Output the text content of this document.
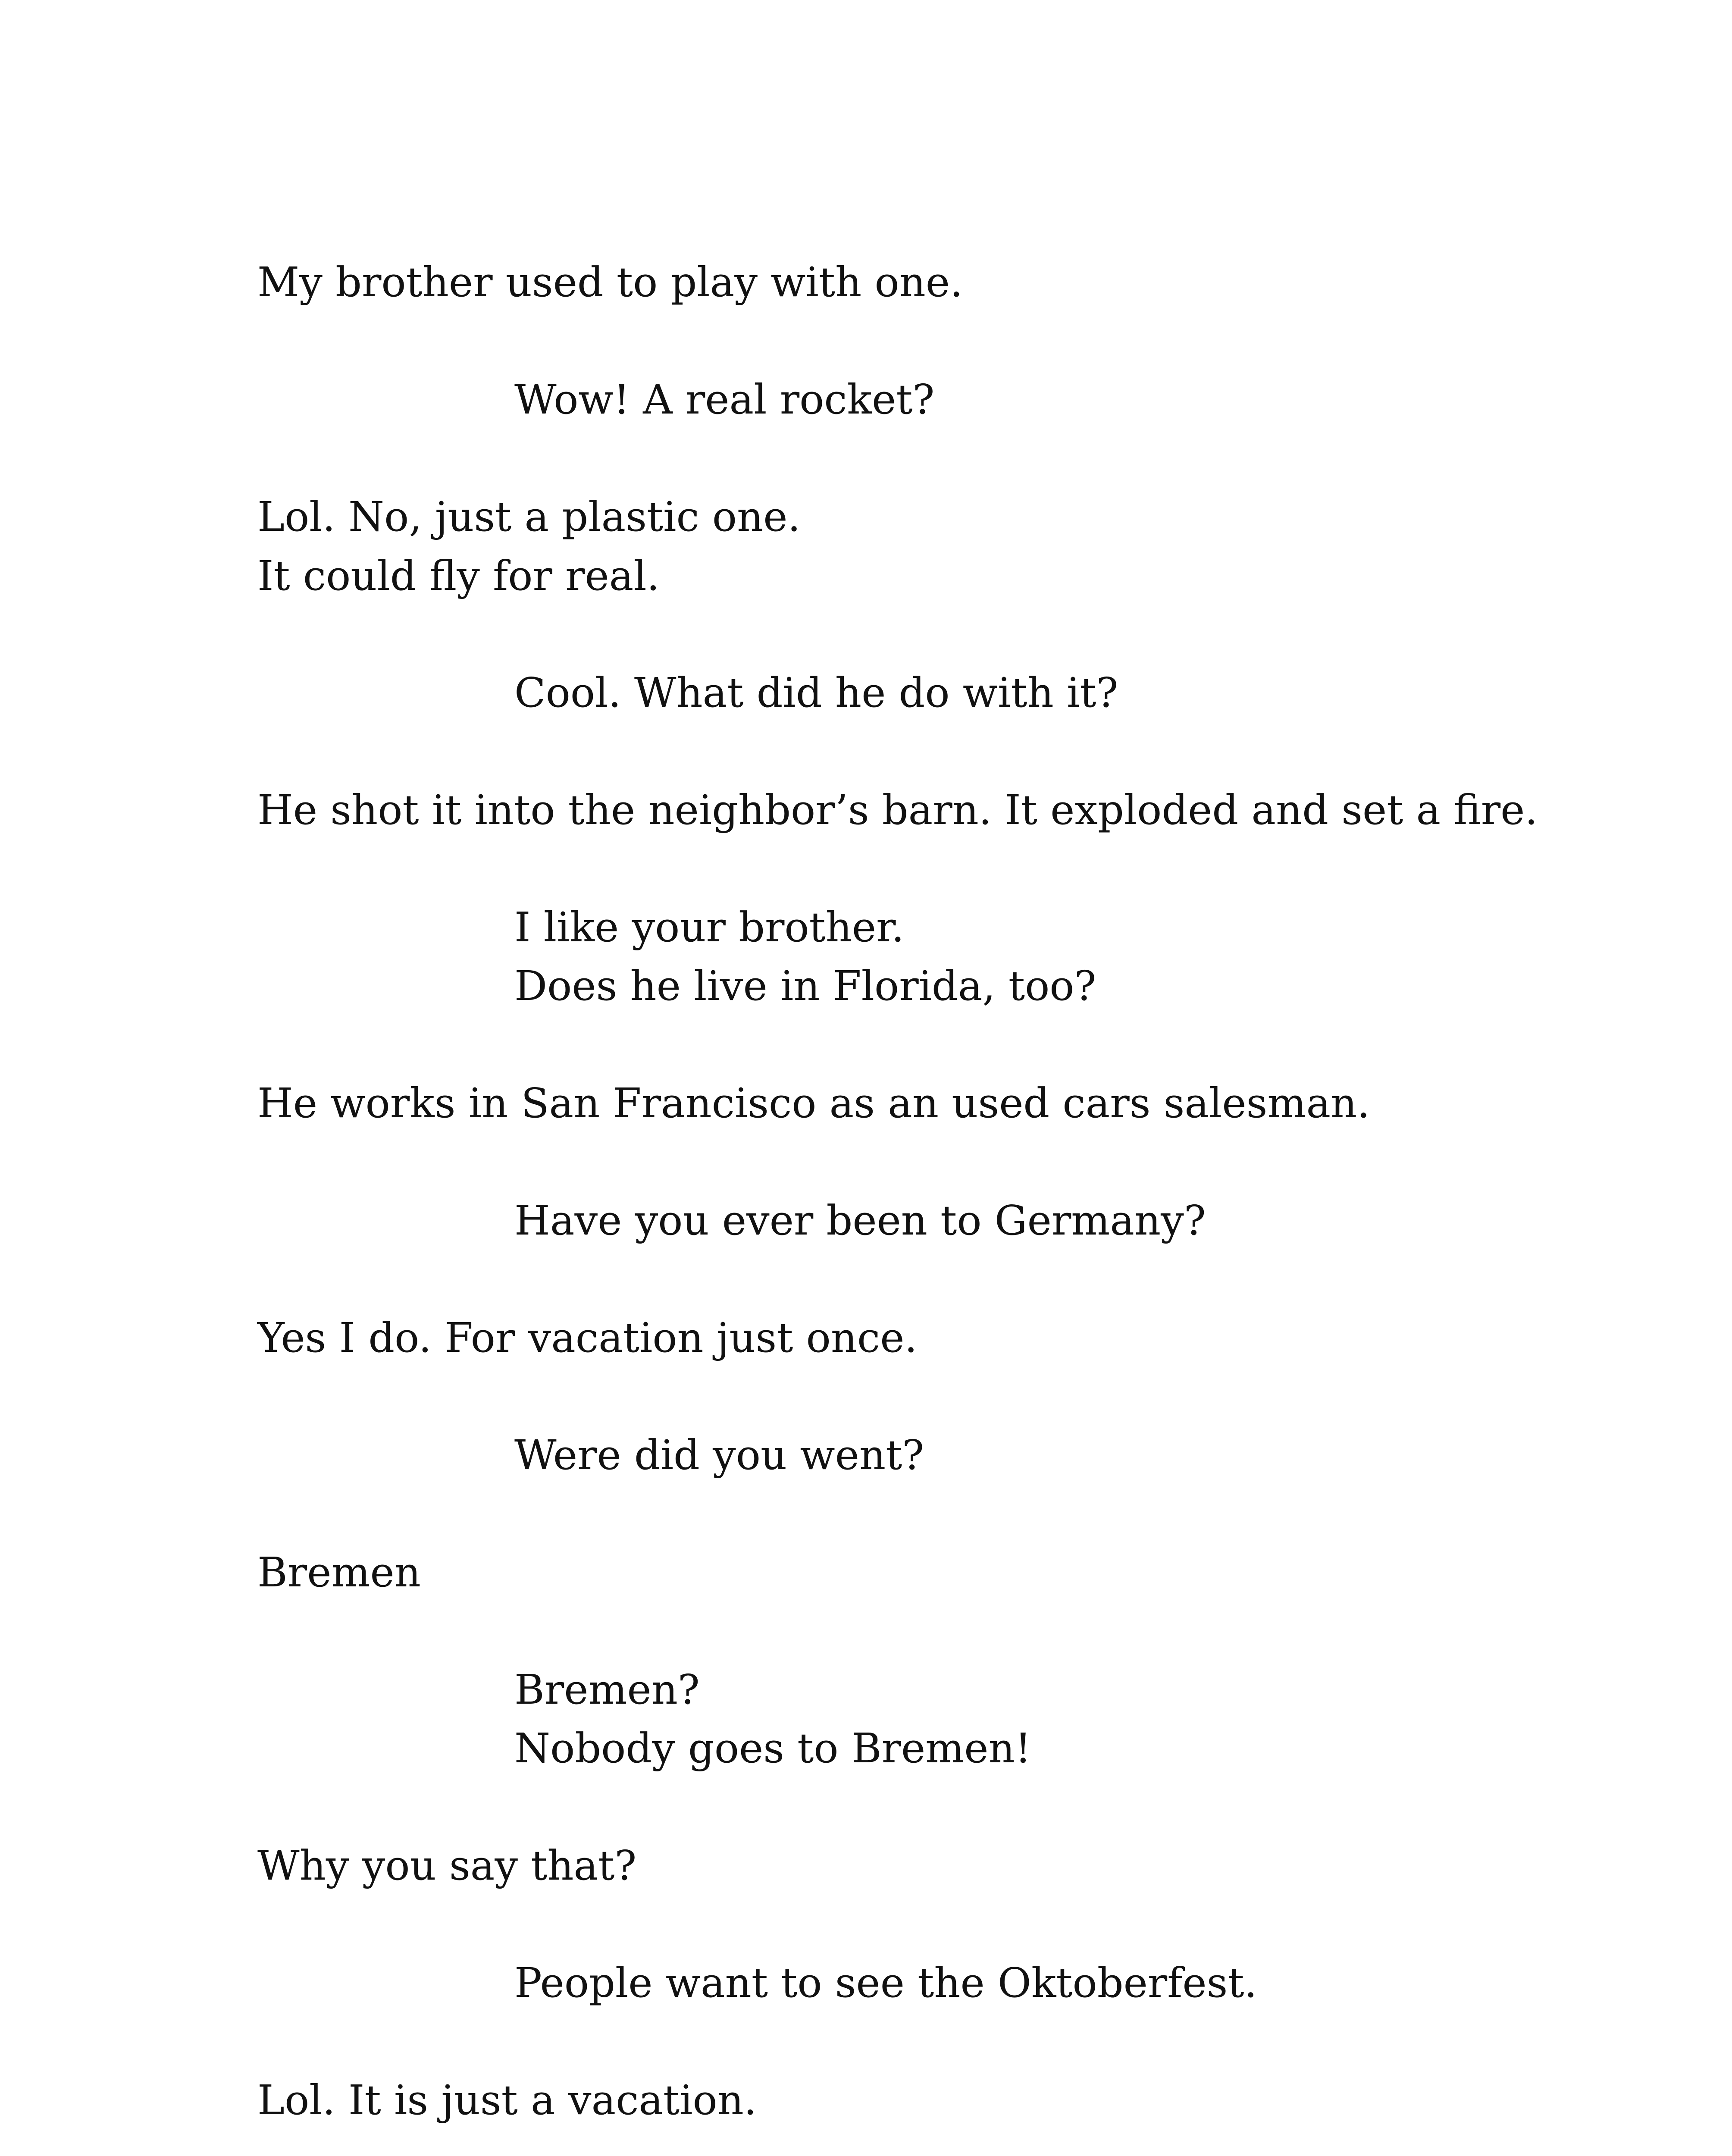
My brother used to play with one.

Wow! A real rocket?

Lol. No, just a plastic one.

It could fly for real.

Cool. What did he do with it?

He shot it into the neighbor’s barn. It exploded and set a fire.

I like your brother.

Does he live in Florida, too?

He works in San Francisco as an used cars salesman.

Have you ever been to Germany?

Yes I do. For vacation just once.

Were did you went?

Bremen

Bremen?

Nobody goes to Bremen!

Why you say that?

People want to see the Oktoberfest.

Lol. It is just a vacation.
